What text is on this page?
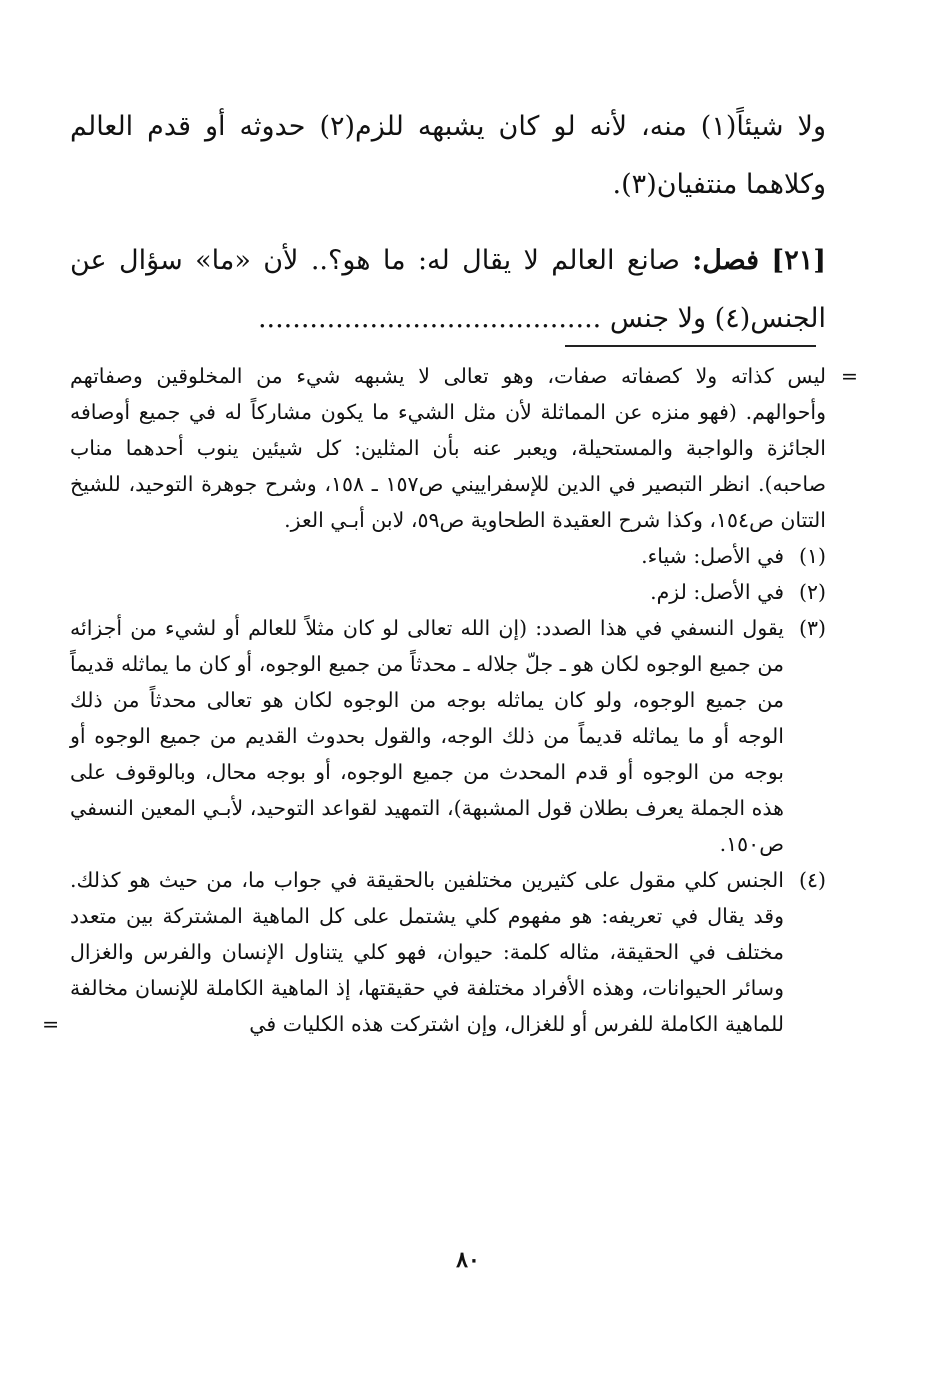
ولا شيئاً(١) منه، لأنه لو كان يشبهه للزم(٢) حدوثه أو قدم العالم وكلاهما منتفيان(٣).

[٢١] فصل: صانع العالم لا يقال له: ما هو؟.. لأن «ما» سؤال عن الجنس(٤) ولا جنس ........................................

=
ليس كذاته ولا كصفاته صفات، وهو تعالى لا يشبهه شيء من المخلوقين وصفاتهم وأحوالهم. (فهو منزه عن المماثلة لأن مثل الشيء ما يكون مشاركاً له في جميع أوصافه الجائزة والواجبة والمستحيلة، ويعبر عنه بأن المثلين: كل شيئين ينوب أحدهما مناب صاحبه). انظر التبصير في الدين للإسفراييني ص١٥٧ ـ ١٥٨، وشرح جوهرة التوحيد، للشيخ التتان ص١٥٤، وكذا شرح العقيدة الطحاوية ص٥٩، لابن أبـي العز.
(١)
في الأصل: شياء.
(٢)
في الأصل: لزم.
(٣)
يقول النسفي في هذا الصدد: (إن الله تعالى لو كان مثلاً للعالم أو لشيء من أجزائه من جميع الوجوه لكان هو ـ جلّ جلاله ـ محدثاً من جميع الوجوه، أو كان ما يماثله قديماً من جميع الوجوه، ولو كان يماثله بوجه من الوجوه لكان هو تعالى محدثاً من ذلك الوجه أو ما يماثله قديماً من ذلك الوجه، والقول بحدوث القديم من جميع الوجوه أو بوجه من الوجوه أو قدم المحدث من جميع الوجوه، أو بوجه محال، وبالوقوف على هذه الجملة يعرف بطلان قول المشبهة)، التمهيد لقواعد التوحيد، لأبـي المعين النسفي ص١٥٠.
(٤)
الجنس كلي مقول على كثيرين مختلفين بالحقيقة في جواب ما، من حيث هو كذلك. وقد يقال في تعريفه: هو مفهوم كلي يشتمل على كل الماهية المشتركة بين متعدد مختلف في الحقيقة، مثاله كلمة: حيوان، فهو كلي يتناول الإنسان والفرس والغزال وسائر الحيوانات، وهذه الأفراد مختلفة في حقيقتها، إذ الماهية الكاملة للإنسان مخالفة للماهية الكاملة للفرس أو للغزال، وإن اشتركت هذه الكليات في
=
٨٠
